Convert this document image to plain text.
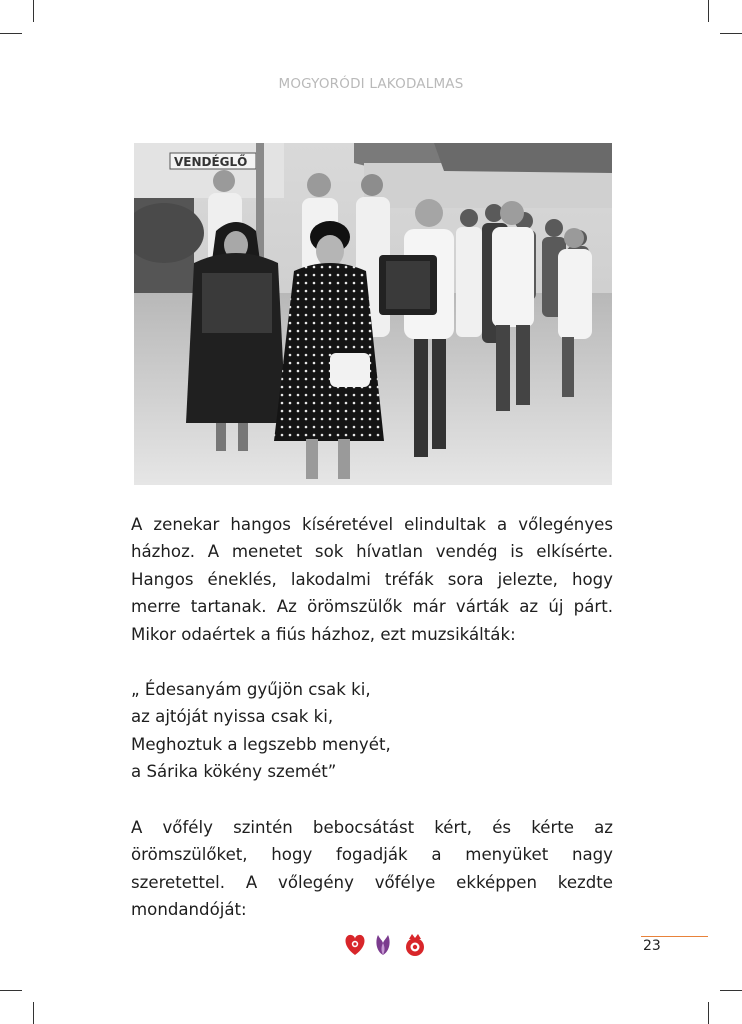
MOGYORÓDI LAKODALMAS
VENDÉGLŐ

A zenekar hangos kíséretével elindultak a vőlegényes házhoz. A menetet sok hívatlan vendég is elkísérte. Hangos éneklés, lakodalmi tréfák sora jelezte, hogy merre tartanak. Az örömszülők már várták az új párt. Mikor odaértek a fiús házhoz, ezt muzsikálták:

„ Édesanyám gyűjön csak ki,
az ajtóját nyissa csak ki,
Meghoztuk a legszebb menyét,
a Sárika kökény szemét”

A vőfély szintén bebocsátást kért, és kérte az örömszülőket, hogy fogadják a menyüket nagy szeretettel. A vőlegény vőfélye ekképpen kezdte mondandóját:

23
